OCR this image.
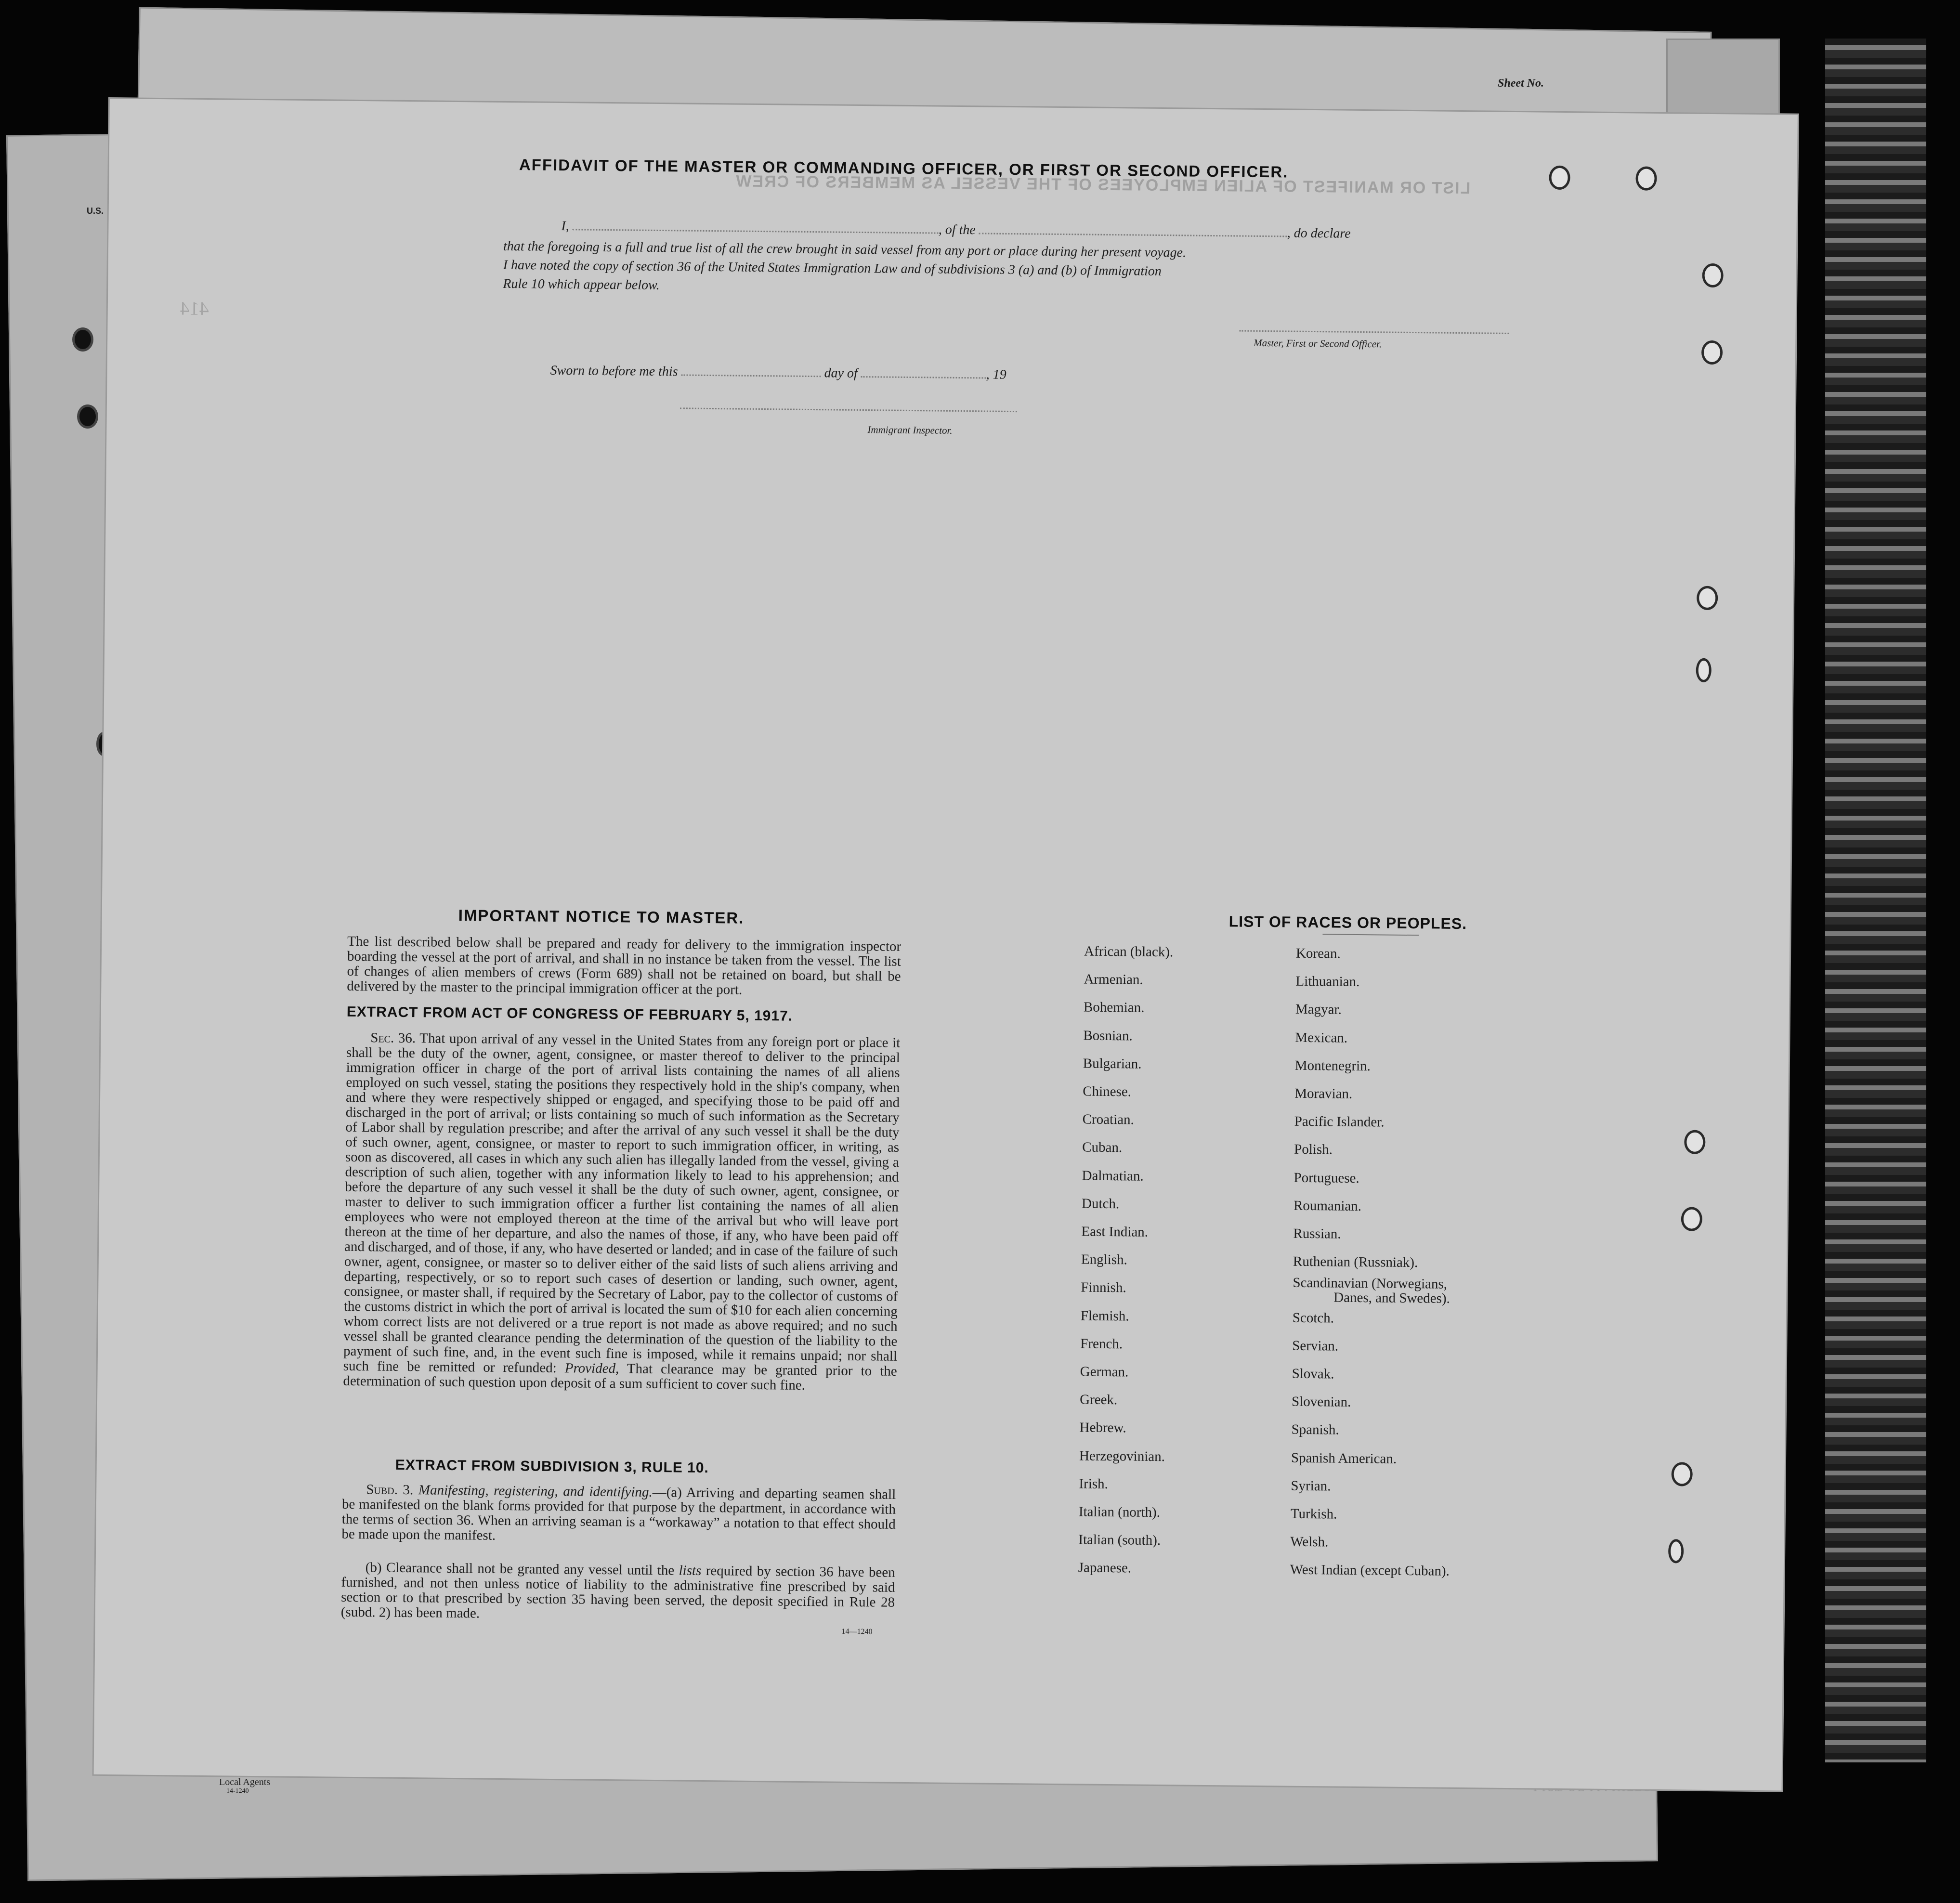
Sheet No.
U.S.
Local Agents
14-1240
LIST OR MANIFEST OF ALIEN EMPLOYEES OF THE VESSEL AS MEMBERS OF CREW
414
AFFIDAVIT OF THE MASTER OR COMMANDING OFFICER, OR FIRST OR SECOND OFFICER.
I,	, of the	, do declare
that the foregoing is a full and true list of all the crew brought in said vessel from any port or place during her present voyage.
I have noted the copy of section 36 of the United States Immigration Law and of subdivisions 3 (a) and (b) of Immigration
Rule 10 which appear below.
Master, First or Second Officer.
Sworn to before me this	day of	, 19
Immigrant Inspector.
IMPORTANT NOTICE TO MASTER.
The list described below shall be prepared and ready for delivery to the immigration inspector boarding the vessel at the port of arrival, and shall in no instance be taken from the vessel. The list of changes of alien members of crews (Form 689) shall not be retained on board, but shall be delivered by the master to the principal immigration officer at the port.
EXTRACT FROM ACT OF CONGRESS OF FEBRUARY 5, 1917.
Sec. 36. That upon arrival of any vessel in the United States from any foreign port or place it shall be the duty of the owner, agent, consignee, or master thereof to deliver to the principal immigration officer in charge of the port of arrival lists containing the names of all aliens employed on such vessel, stating the positions they respectively hold in the ship's company, when and where they were respectively shipped or engaged, and specifying those to be paid off and discharged in the port of arrival; or lists containing so much of such information as the Secretary of Labor shall by regulation prescribe; and after the arrival of any such vessel it shall be the duty of such owner, agent, consignee, or master to report to such immigration officer, in writing, as soon as discovered, all cases in which any such alien has illegally landed from the vessel, giving a description of such alien, together with any information likely to lead to his apprehension; and before the departure of any such vessel it shall be the duty of such owner, agent, consignee, or master to deliver to such immigration officer a further list containing the names of all alien employees who were not employed thereon at the time of the arrival but who will leave port thereon at the time of her departure, and also the names of those, if any, who have been paid off and discharged, and of those, if any, who have deserted or landed; and in case of the failure of such owner, agent, consignee, or master so to deliver either of the said lists of such aliens arriving and departing, respectively, or so to report such cases of desertion or landing, such owner, agent, consignee, or master shall, if required by the Secretary of Labor, pay to the collector of customs of the customs district in which the port of arrival is located the sum of $10 for each alien concerning whom correct lists are not delivered or a true report is not made as above required; and no such vessel shall be granted clearance pending the determination of the question of the liability to the payment of such fine, and, in the event such fine is imposed, while it remains unpaid; nor shall such fine be remitted or refunded: Provided, That clearance may be granted prior to the determination of such question upon deposit of a sum sufficient to cover such fine.
EXTRACT FROM SUBDIVISION 3, RULE 10.
Subd. 3. Manifesting, registering, and identifying.—(a) Arriving and departing seamen shall be manifested on the blank forms provided for that purpose by the department, in accordance with the terms of section 36. When an arriving seaman is a “workaway” a notation to that effect should be made upon the manifest.
(b) Clearance shall not be granted any vessel until the lists required by section 36 have been furnished, and not then unless notice of liability to the administrative fine prescribed by said section or to that prescribed by section 35 having been served, the deposit specified in Rule 28 (subd. 2) has been made.
14—1240
LIST OF RACES OR PEOPLES.
Danes, and Swedes).
African (black).
Armenian.
Bohemian.
Bosnian.
Bulgarian.
Chinese.
Croatian.
Cuban.
Dalmatian.
Dutch.
East Indian.
English.
Finnish.
Flemish.
French.
German.
Greek.
Hebrew.
Herzegovinian.
Irish.
Italian (north).
Italian (south).
Japanese.
Korean.
Lithuanian.
Magyar.
Mexican.
Montenegrin.
Moravian.
Pacific Islander.
Polish.
Portuguese.
Roumanian.
Russian.
Ruthenian (Russniak).
Scandinavian (Norwegians,
Scotch.
Servian.
Slovak.
Slovenian.
Spanish.
Spanish American.
Syrian.
Turkish.
Welsh.
West Indian (except Cuban).
